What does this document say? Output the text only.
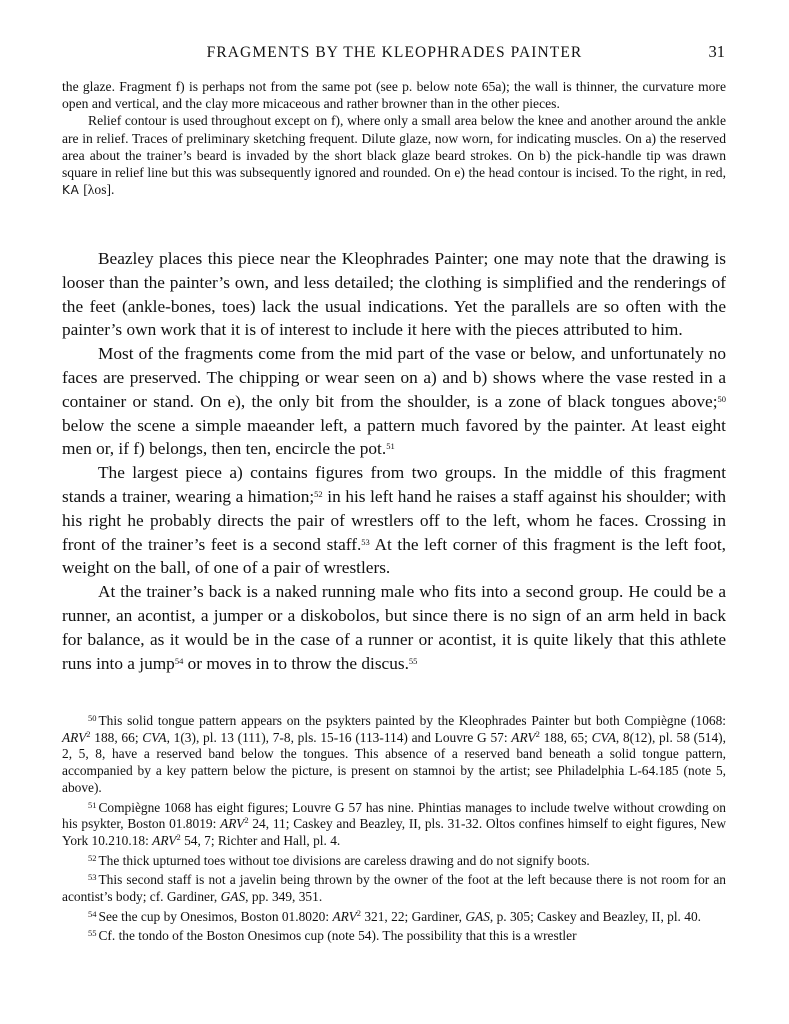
FRAGMENTS BY THE KLEOPHRADES PAINTER	31

the glaze. Fragment f) is perhaps not from the same pot (see p. below note 65a); the wall is thinner, the curvature more open and vertical, and the clay more micaceous and rather browner than in the other pieces.

Relief contour is used throughout except on f), where only a small area below the knee and another around the ankle are in relief. Traces of preliminary sketching frequent. Dilute glaze, now worn, for indicating muscles. On a) the reserved area about the trainer’s beard is invaded by the short black glaze beard strokes. On b) the pick-handle tip was drawn square in relief line but this was subsequently ignored and rounded. On e) the head contour is incised. To the right, in red, KA [λos].

Beazley places this piece near the Kleophrades Painter; one may note that the drawing is looser than the painter’s own, and less detailed; the clothing is simplified and the renderings of the feet (ankle-bones, toes) lack the usual indications. Yet the parallels are so often with the painter’s own work that it is of interest to include it here with the pieces attributed to him.

Most of the fragments come from the mid part of the vase or below, and unfortunately no faces are preserved. The chipping or wear seen on a) and b) shows where the vase rested in a container or stand. On e), the only bit from the shoulder, is a zone of black tongues above;$^{50}$ below the scene a simple maeander left, a pattern much favored by the painter. At least eight men or, if f) belongs, then ten, encircle the pot.$^{51}$

The largest piece a) contains figures from two groups. In the middle of this fragment stands a trainer, wearing a himation;$^{52}$ in his left hand he raises a staff against his shoulder; with his right he probably directs the pair of wrestlers off to the left, whom he faces. Crossing in front of the trainer’s feet is a second staff.$^{53}$ At the left corner of this fragment is the left foot, weight on the ball, of one of a pair of wrestlers.

At the trainer’s back is a naked running male who fits into a second group. He could be a runner, an acontist, a jumper or a diskobolos, but since there is no sign of an arm held in back for balance, as it would be in the case of a runner or acontist, it is quite likely that this athlete runs into a jump$^{54}$ or moves in to throw the discus.$^{55}$

$^{50}$ This solid tongue pattern appears on the psykters painted by the Kleophrades Painter but both Compiègne (1068: ARV$^2$ 188, 66; CVA, 1(3), pl. 13 (111), 7-8, pls. 15-16 (113-114) and Louvre G 57: ARV$^2$ 188, 65; CVA, 8(12), pl. 58 (514), 2, 5, 8, have a reserved band below the tongues. This absence of a reserved band beneath a solid tongue pattern, accompanied by a key pattern below the picture, is present on stamnoi by the artist; see Philadelphia L-64.185 (note 5, above).

$^{51}$ Compiègne 1068 has eight figures; Louvre G 57 has nine. Phintias manages to include twelve without crowding on his psykter, Boston 01.8019: ARV$^2$ 24, 11; Caskey and Beazley, II, pls. 31-32. Oltos confines himself to eight figures, New York 10.210.18: ARV$^2$ 54, 7; Richter and Hall, pl. 4.

$^{52}$ The thick upturned toes without toe divisions are careless drawing and do not signify boots.

$^{53}$ This second staff is not a javelin being thrown by the owner of the foot at the left because there is not room for an acontist’s body; cf. Gardiner, GAS, pp. 349, 351.

$^{54}$ See the cup by Onesimos, Boston 01.8020: ARV$^2$ 321, 22; Gardiner, GAS, p. 305; Caskey and Beazley, II, pl. 40.

$^{55}$ Cf. the tondo of the Boston Onesimos cup (note 54). The possibility that this is a wrestler
